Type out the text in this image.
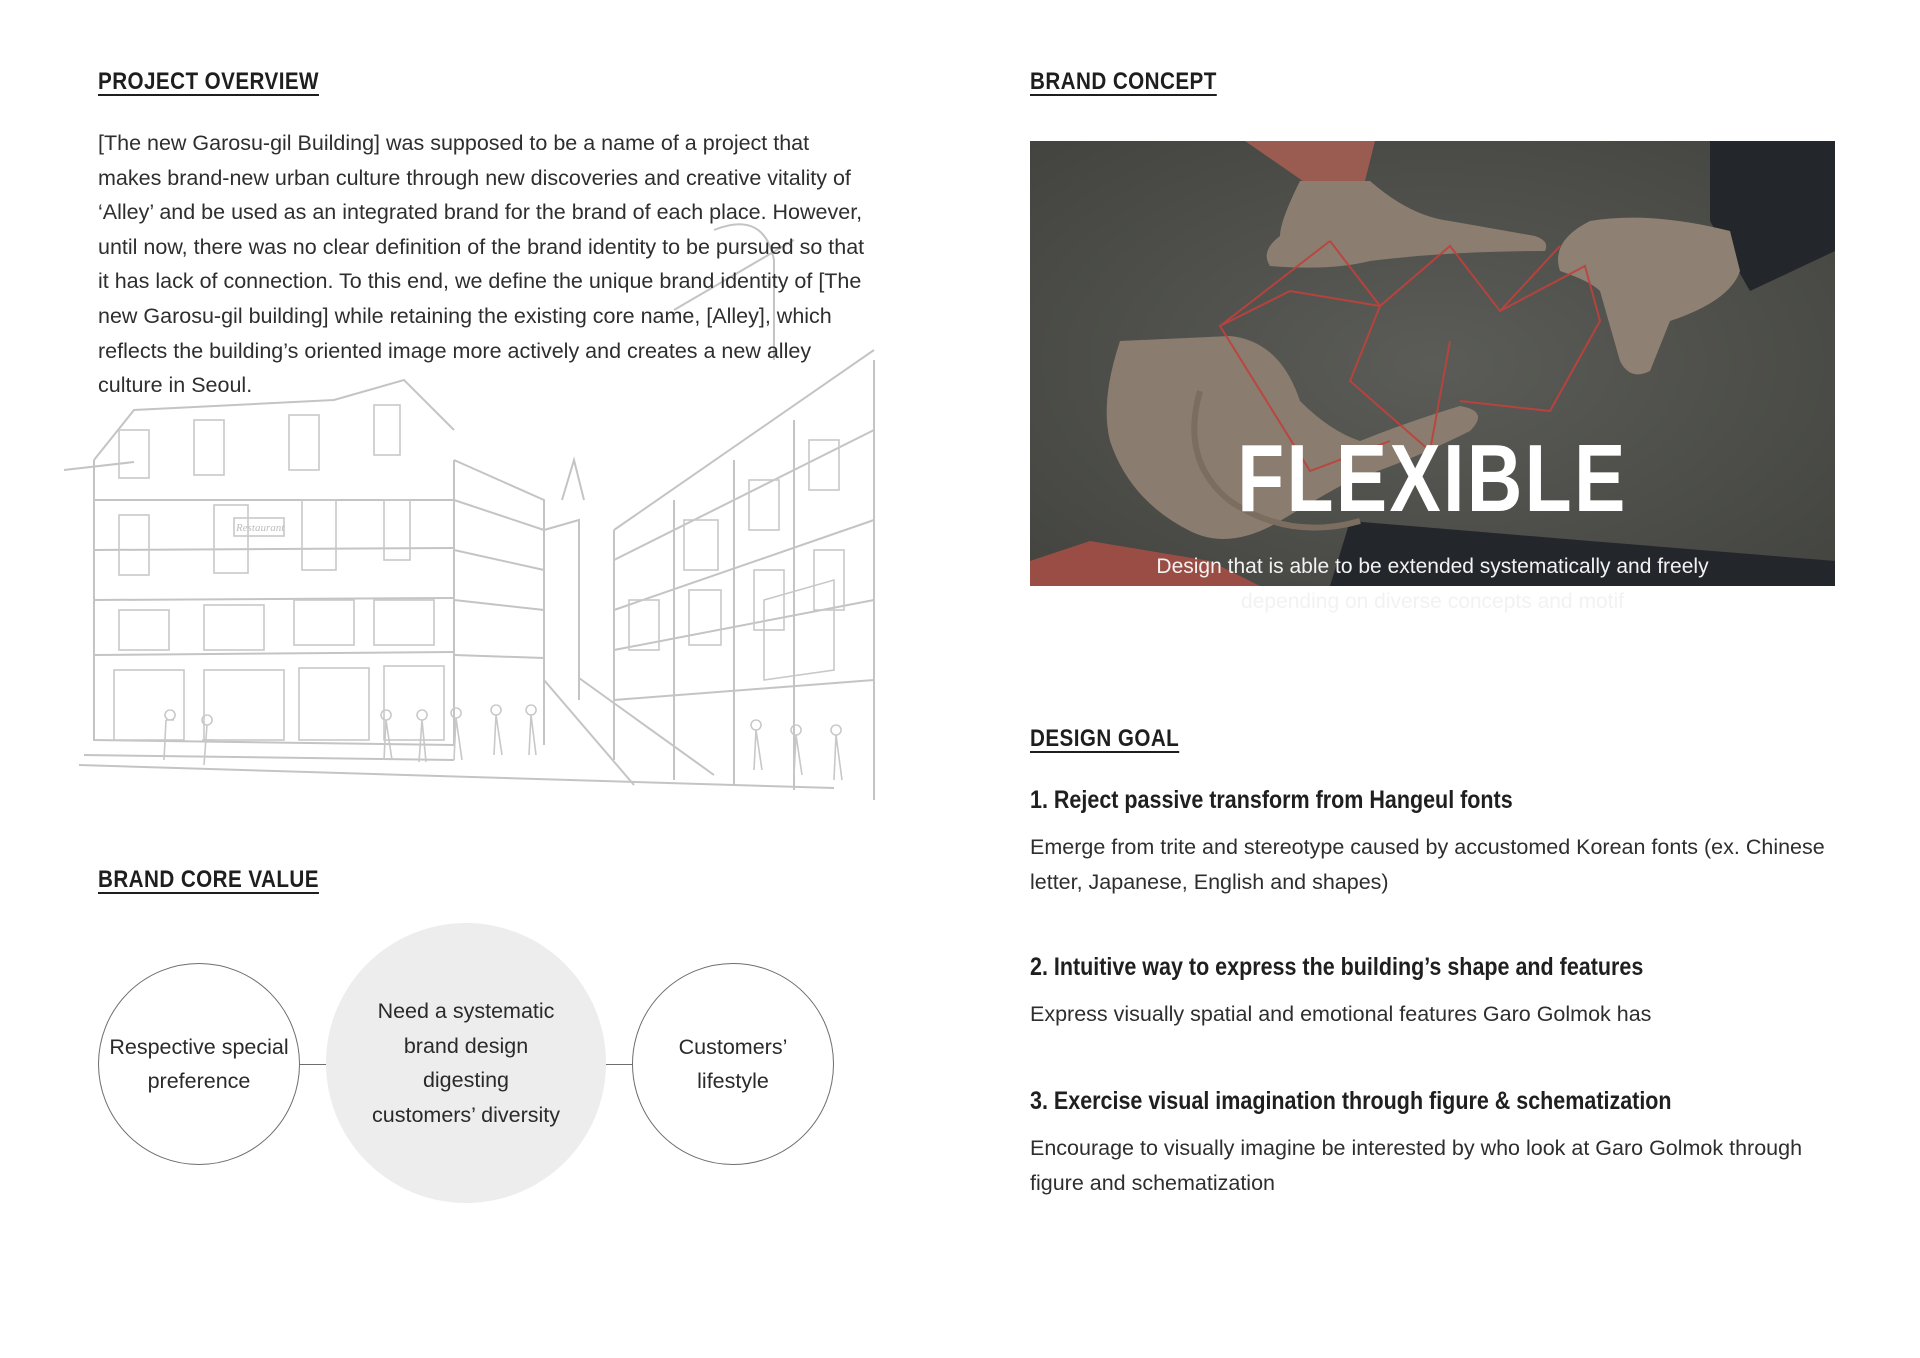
PROJECT OVERVIEW
Restaurant
[The new Garosu-gil Building] was supposed to be a name of a project that makes brand-new urban culture through new discoveries and creative vitality of ‘Alley’ and be used as an integrated brand for the brand of each place. However, until now, there was no clear definition of the brand identity to be pursued so that it has lack of connection. To this end, we define the unique brand identity of [The new Garosu-gil building] while retaining the existing core name, [Alley], which reflects the building’s oriented image more actively and creates a new alley culture in Seoul.
BRAND CORE VALUE
Respective special
preference
Need a systematic
brand design
digesting
customers’ diversity
Customers’
lifestyle
BRAND CONCEPT
FLEXIBLE
Design that is able to be extended systematically and freely
depending on diverse concepts and motif
DESIGN GOAL
1. Reject passive transform from Hangeul fonts
Emerge from trite and stereotype caused by accustomed Korean fonts (ex. Chinese letter, Japanese, English and shapes)
2. Intuitive way to express the building’s shape and features
Express visually spatial and emotional features Garo Golmok has
3. Exercise visual imagination through figure & schematization
Encourage to visually imagine be interested by who look at Garo Golmok through figure and schematization
